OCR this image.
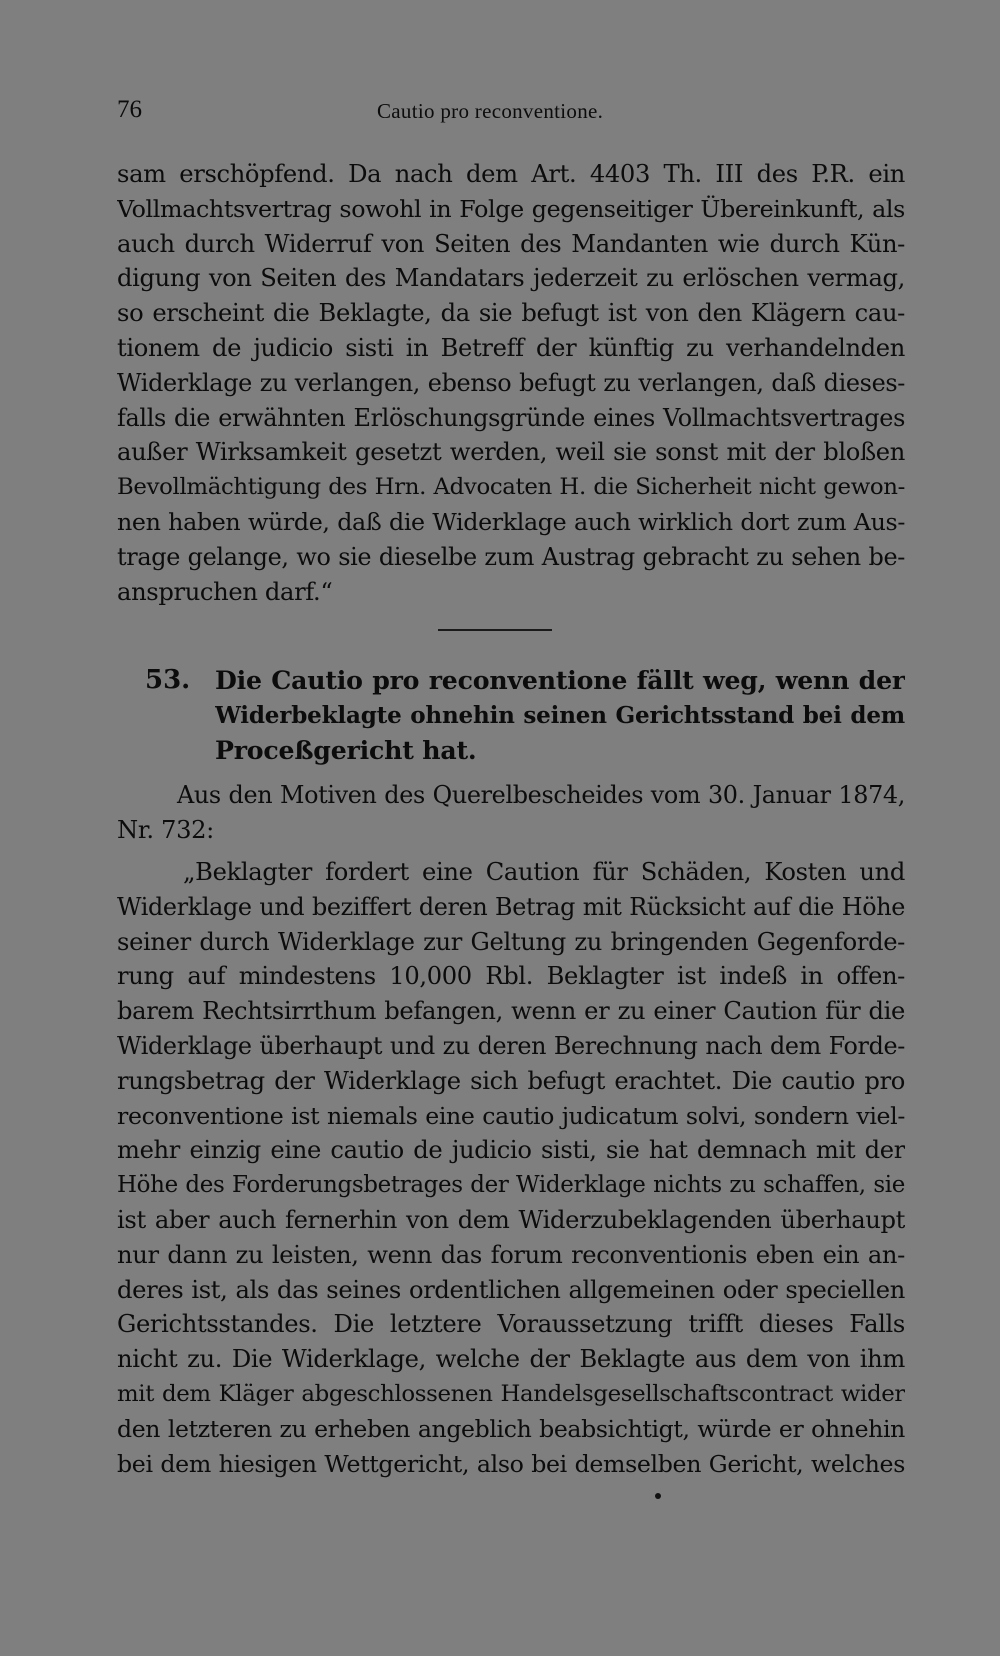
76	Cautio pro reconventione.
sam erschöpfend. Da nach dem Art. 4403 Th. III des P.R. ein
Vollmachtsvertrag sowohl in Folge gegenseitiger Übereinkunft, als
auch durch Widerruf von Seiten des Mandanten wie durch Kün-
digung von Seiten des Mandatars jederzeit zu erlöschen vermag,
so erscheint die Beklagte, da sie befugt ist von den Klägern cau-
tionem de judicio sisti in Betreff der künftig zu verhandelnden
Widerklage zu verlangen, ebenso befugt zu verlangen, daß dieses-
falls die erwähnten Erlöschungsgründe eines Vollmachtsvertrages
außer Wirksamkeit gesetzt werden, weil sie sonst mit der bloßen
Bevollmächtigung des Hrn. Advocaten H. die Sicherheit nicht gewon-
nen haben würde, daß die Widerklage auch wirklich dort zum Aus-
trage gelange, wo sie dieselbe zum Austrag gebracht zu sehen be-
anspruchen darf.“
53. Die Cautio pro reconventione fällt weg, wenn der
Widerbeklagte ohnehin seinen Gerichtsstand bei dem
Proceßgericht hat.
Aus den Motiven des Querelbescheides vom 30. Januar 1874,
Nr. 732:
„Beklagter fordert eine Caution für Schäden, Kosten und
Widerklage und beziffert deren Betrag mit Rücksicht auf die Höhe
seiner durch Widerklage zur Geltung zu bringenden Gegenforde-
rung auf mindestens 10,000 Rbl. Beklagter ist indeß in offen-
barem Rechtsirrthum befangen, wenn er zu einer Caution für die
Widerklage überhaupt und zu deren Berechnung nach dem Forde-
rungsbetrag der Widerklage sich befugt erachtet. Die cautio pro
reconventione ist niemals eine cautio judicatum solvi, sondern viel-
mehr einzig eine cautio de judicio sisti, sie hat demnach mit der
Höhe des Forderungsbetrages der Widerklage nichts zu schaffen, sie
ist aber auch fernerhin von dem Widerzubeklagenden überhaupt
nur dann zu leisten, wenn das forum reconventionis eben ein an-
deres ist, als das seines ordentlichen allgemeinen oder speciellen
Gerichtsstandes. Die letztere Voraussetzung trifft dieses Falls
nicht zu. Die Widerklage, welche der Beklagte aus dem von ihm
mit dem Kläger abgeschlossenen Handelsgesellschaftscontract wider
den letzteren zu erheben angeblich beabsichtigt, würde er ohnehin
bei dem hiesigen Wettgericht, also bei demselben Gericht, welches
